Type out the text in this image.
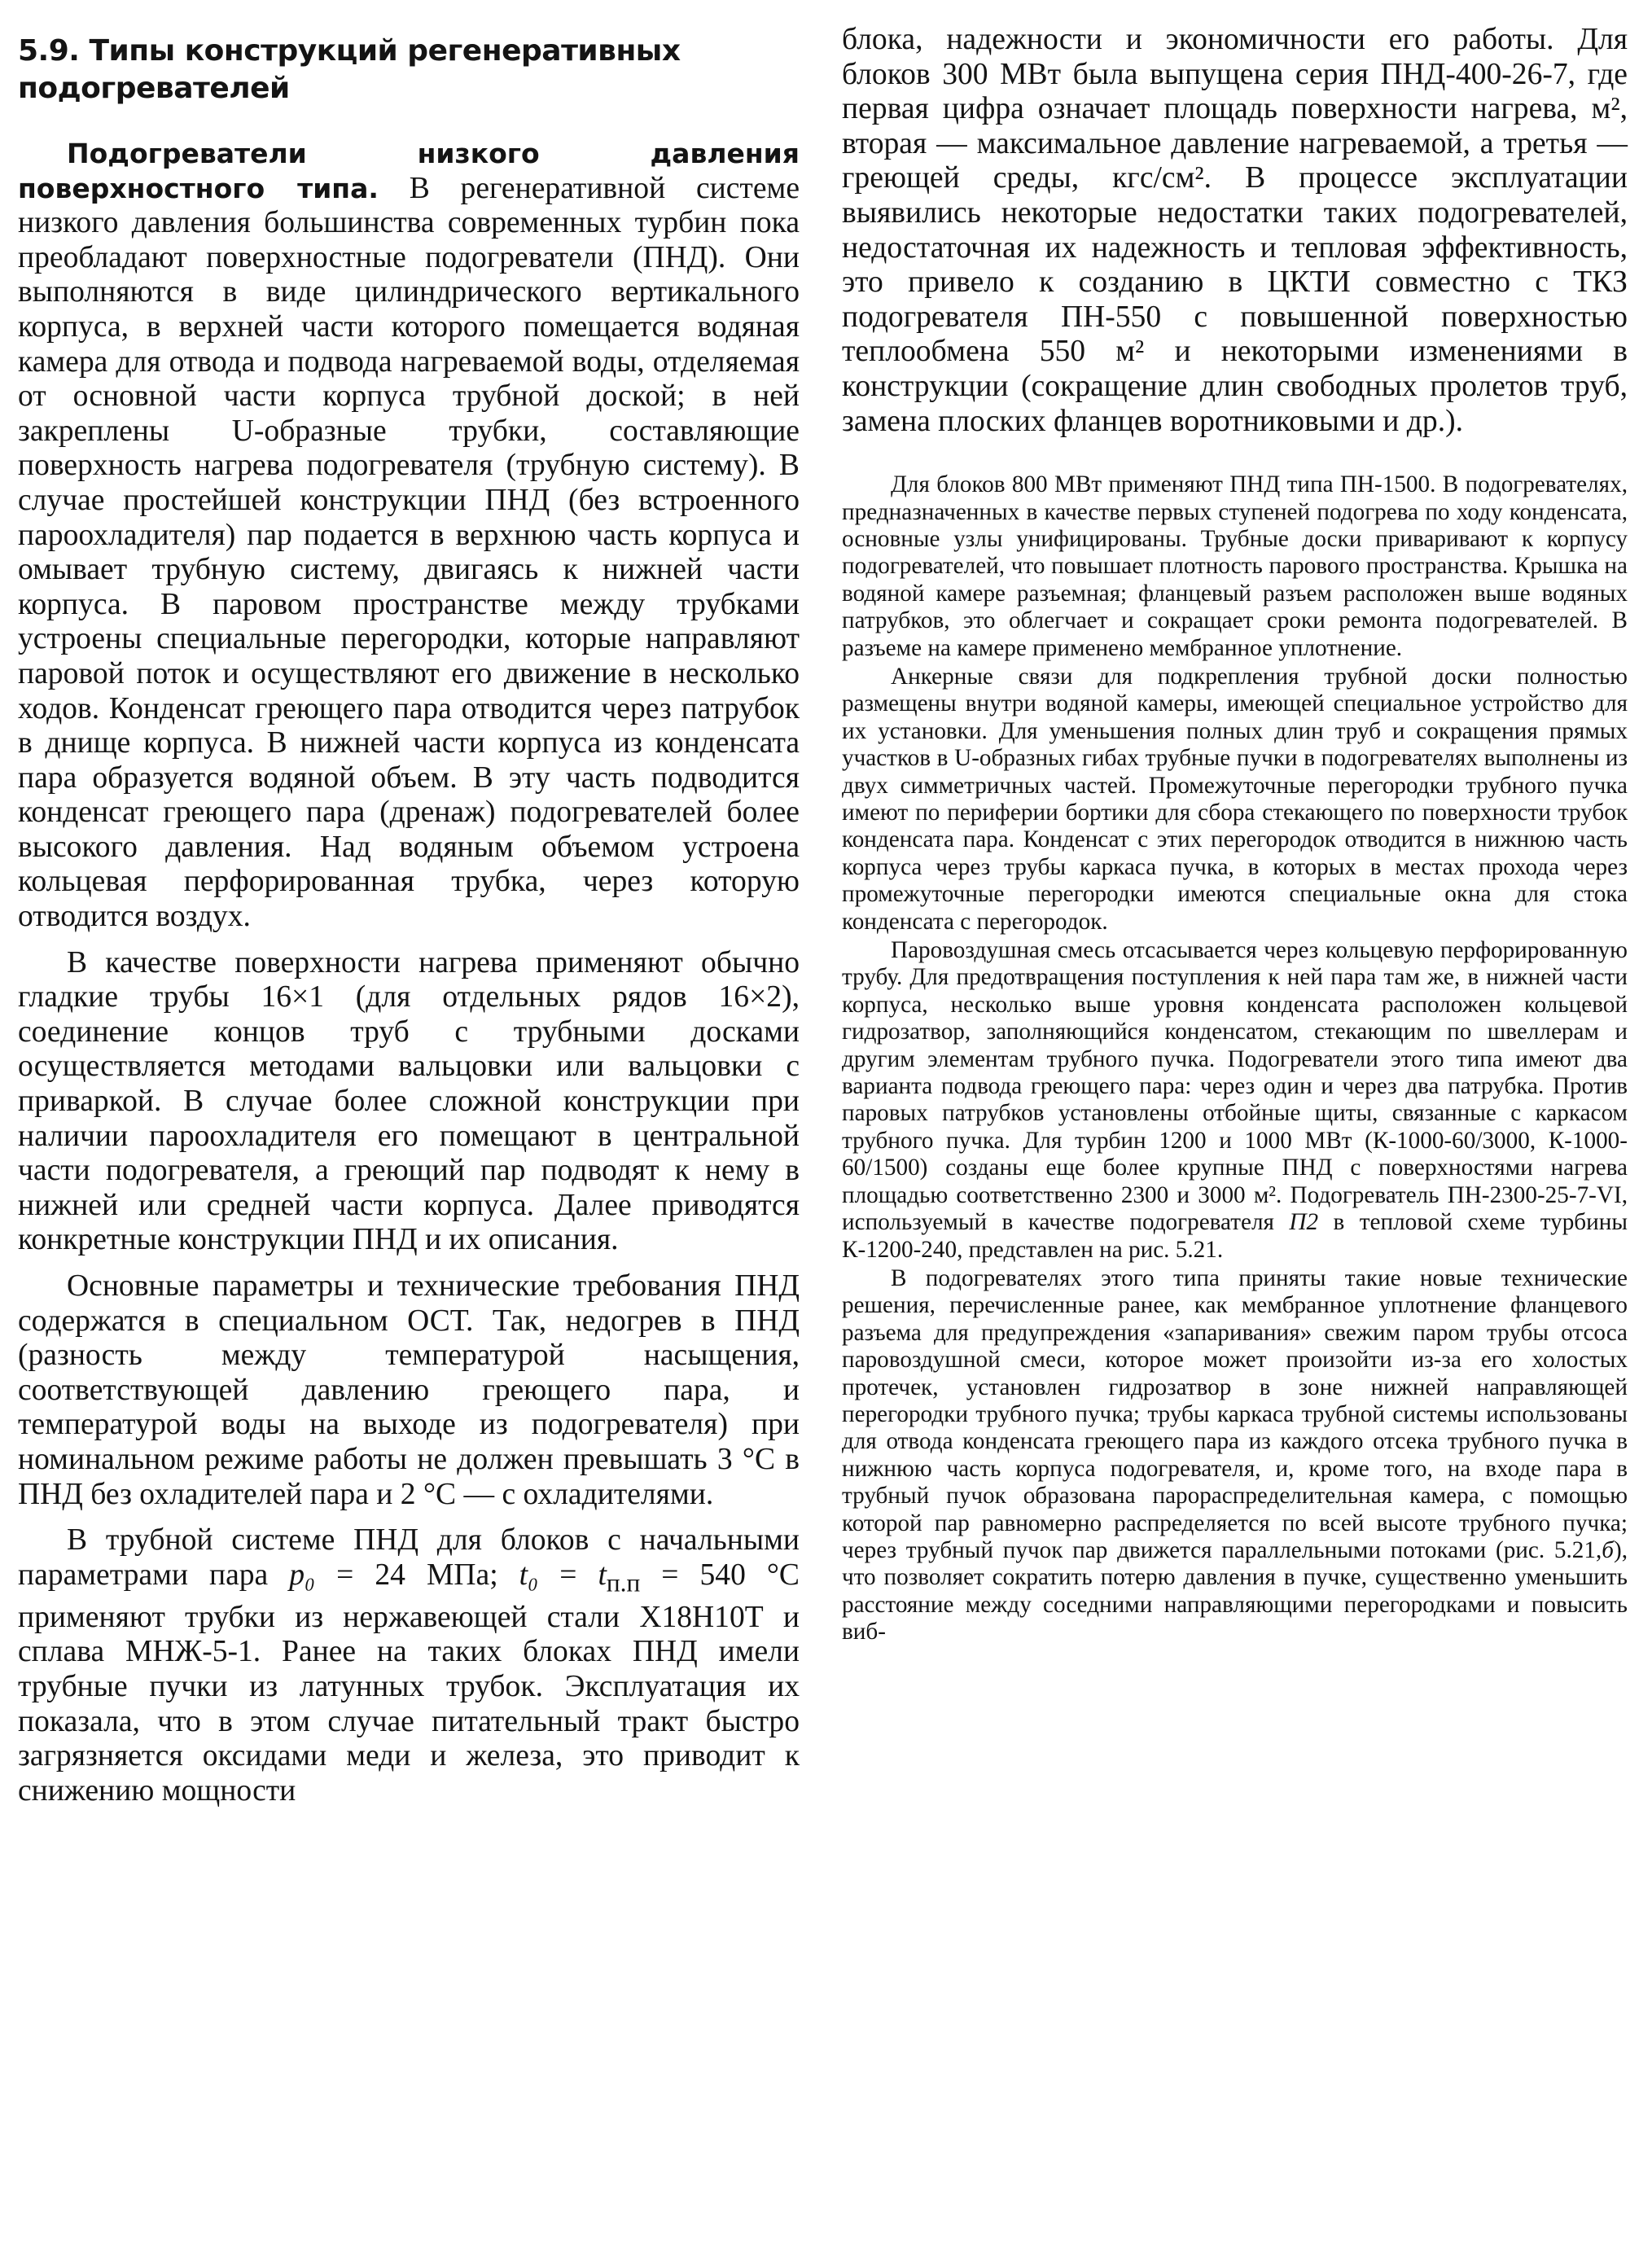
5.9. Типы конструкций регенеративных подогревателей

Подогреватели низкого давления поверхностного типа. В регенеративной системе низкого давления большинства современных турбин пока преобладают поверхностные подогреватели (ПНД). Они выполняются в виде цилиндрического вертикального корпуса, в верхней части которого помещается водяная камера для отвода и подвода нагреваемой воды, отделяемая от основной части корпуса трубной доской; в ней закреплены U-образные трубки, составляющие поверхность нагрева подогревателя (трубную систему). В случае простейшей конструкции ПНД (без встроенного пароохладителя) пар подается в верхнюю часть корпуса и омывает трубную систему, двигаясь к нижней части корпуса. В паровом пространстве между трубками устроены специальные перегородки, которые направляют паровой поток и осуществляют его движение в несколько ходов. Конденсат греющего пара отводится через патрубок в днище корпуса. В нижней части корпуса из конденсата пара образуется водяной объем. В эту часть подводится конденсат греющего пара (дренаж) подогревателей более высокого давления. Над водяным объемом устроена кольцевая перфорированная трубка, через которую отводится воздух.

В качестве поверхности нагрева применяют обычно гладкие трубы 16×1 (для отдельных рядов 16×2), соединение концов труб с трубными досками осуществляется методами вальцовки или вальцовки с приваркой. В случае более сложной конструкции при наличии пароохладителя его помещают в центральной части подогревателя, а греющий пар подводят к нему в нижней или средней части корпуса. Далее приводятся конкретные конструкции ПНД и их описания.

Основные параметры и технические требования ПНД содержатся в специальном ОСТ. Так, недогрев в ПНД (разность между температурой насыщения, соответствующей давлению греющего пара, и температурой воды на выходе из подогревателя) при номинальном режиме работы не должен превышать 3 °С в ПНД без охладителей пара и 2 °С — с охладителями.

В трубной системе ПНД для блоков с начальными параметрами пара p₀ = 24 МПа; $t_0 = t_{п.п} = 540$ °С применяют трубки из нержавеющей стали Х18Н10Т и сплава МНЖ-5-1. Ранее на таких блоках ПНД имели трубные пучки из латунных трубок. Эксплуатация их показала, что в этом случае питательный тракт быстро загрязняется оксидами меди и железа, это приводит к снижению мощности

блока, надежности и экономичности его работы. Для блоков 300 МВт была выпущена серия ПНД-400-26-7, где первая цифра означает площадь поверхности нагрева, м², вторая — максимальное давление нагреваемой, а третья — греющей среды, кгс/см². В процессе эксплуатации выявились некоторые недостатки таких подогревателей, недостаточная их надежность и тепловая эффективность, это привело к созданию в ЦКТИ совместно с ТКЗ подогревателя ПН-550 с повышенной поверхностью теплообмена 550 м² и некоторыми изменениями в конструкции (сокращение длин свободных пролетов труб, замена плоских фланцев воротниковыми и др.).

Для блоков 800 МВт применяют ПНД типа ПН-1500. В подогревателях, предназначенных в качестве первых ступеней подогрева по ходу конденсата, основные узлы унифицированы. Трубные доски приваривают к корпусу подогревателей, что повышает плотность парового пространства. Крышка на водяной камере разъемная; фланцевый разъем расположен выше водяных патрубков, это облегчает и сокращает сроки ремонта подогревателей. В разъеме на камере применено мембранное уплотнение.

Анкерные связи для подкрепления трубной доски полностью размещены внутри водяной камеры, имеющей специальное устройство для их установки. Для уменьшения полных длин труб и сокращения прямых участков в U-образных гибах трубные пучки в подогревателях выполнены из двух симметричных частей. Промежуточные перегородки трубного пучка имеют по периферии бортики для сбора стекающего по поверхности трубок конденсата пара. Конденсат с этих перегородок отводится в нижнюю часть корпуса через трубы каркаса пучка, в которых в местах прохода через промежуточные перегородки имеются специальные окна для стока конденсата с перегородок.

Паровоздушная смесь отсасывается через кольцевую перфорированную трубу. Для предотвращения поступления к ней пара там же, в нижней части корпуса, несколько выше уровня конденсата расположен кольцевой гидрозатвор, заполняющийся конденсатом, стекающим по швеллерам и другим элементам трубного пучка. Подогреватели этого типа имеют два варианта подвода греющего пара: через один и через два патрубка. Против паровых патрубков установлены отбойные щиты, связанные с каркасом трубного пучка. Для турбин 1200 и 1000 МВт (К-1000-60/3000, К-1000-60/1500) созданы еще более крупные ПНД с поверхностями нагрева площадью соответственно 2300 и 3000 м². Подогреватель ПН-2300-25-7-VI, используемый в качестве подогревателя П2 в тепловой схеме турбины К-1200-240, представлен на рис. 5.21.

В подогревателях этого типа приняты такие новые технические решения, перечисленные ранее, как мембранное уплотнение фланцевого разъема для предупреждения «запаривания» свежим паром трубы отсоса паровоздушной смеси, которое может произойти из-за его холостых протечек, установлен гидрозатвор в зоне нижней направляющей перегородки трубного пучка; трубы каркаса трубной системы использованы для отвода конденсата греющего пара из каждого отсека трубного пучка в нижнюю часть корпуса подогревателя, и, кроме того, на входе пара в трубный пучок образована парораспределительная камера, с помощью которой пар равномерно распределяется по всей высоте трубного пучка; через трубный пучок пар движется параллельными потоками (рис. 5.21,б), что позволяет сократить потерю давления в пучке, существенно уменьшить расстояние между соседними направляющими перегородками и повысить виб-
